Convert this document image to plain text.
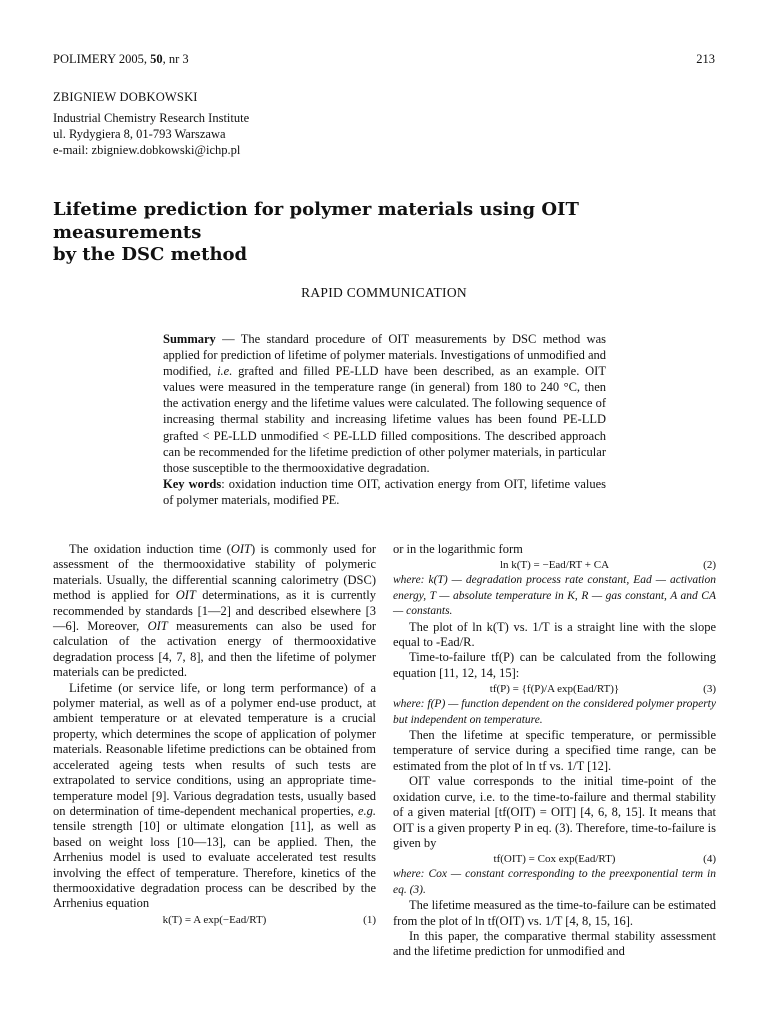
POLIMERY 2005, 50, nr 3	213
ZBIGNIEW DOBKOWSKI
Industrial Chemistry Research Institute
ul. Rydygiera 8, 01-793 Warszawa
e-mail: zbigniew.dobkowski@ichp.pl
Lifetime prediction for polymer materials using OIT measurements
by the DSC method
RAPID COMMUNICATION
Summary — The standard procedure of OIT measurements by DSC method was applied for prediction of lifetime of polymer materials. Investigations of unmodified and modified, i.e. grafted and filled PE-LLD have been described, as an example. OIT values were measured in the temperature range (in general) from 180 to 240 °C, then the activation energy and the lifetime values were calculated. The following sequence of increasing thermal stability and increasing lifetime values has been found PE-LLD grafted < PE-LLD unmodified < PE-LLD filled compositions. The described approach can be recommended for the lifetime prediction of other polymer materials, in particular those susceptible to the thermooxidative degradation.
Key words: oxidation induction time OIT, activation energy from OIT, lifetime values of polymer materials, modified PE.

The oxidation induction time (OIT) is commonly used for assessment of the thermooxidative stability of polymeric materials. Usually, the differential scanning calorimetry (DSC) method is applied for OIT determinations, as it is currently recommended by standards [1—2] and described elsewhere [3—6]. Moreover, OIT measurements can also be used for calculation of the activation energy of thermooxidative degradation process [4, 7, 8], and then the lifetime of polymer materials can be predicted.

Lifetime (or service life, or long term performance) of a polymer material, as well as of a polymer end-use product, at ambient temperature or at elevated temperature is a crucial property, which determines the scope of application of polymer materials. Reasonable lifetime predictions can be obtained from accelerated ageing tests when results of such tests are extrapolated to service conditions, using an appropriate time-temperature model [9]. Various degradation tests, usually based on determination of time-dependent mechanical properties, e.g. tensile strength [10] or ultimate elongation [11], as well as based on weight loss [10—13], can be applied. Then, the Arrhenius model is used to evaluate accelerated test results involving the effect of temperature. Therefore, kinetics of the thermooxidative degradation process can be described by the Arrhenius equation

k(T) = A exp(−Ead/RT)	(1)

or in the logarithmic form

ln k(T) = −Ead/RT + CA	(2)

where: k(T) — degradation process rate constant, Ead — activation energy, T — absolute temperature in K, R — gas constant, A and CA — constants.

The plot of ln k(T) vs. 1/T is a straight line with the slope equal to -Ead/R.

Time-to-failure tf(P) can be calculated from the following equation [11, 12, 14, 15]:

tf(P) = {f(P)/A exp(Ead/RT)}	(3)

where: f(P) — function dependent on the considered polymer property but independent on temperature.

Then the lifetime at specific temperature, or permissible temperature of service during a specified time range, can be estimated from the plot of ln tf vs. 1/T [12].

OIT value corresponds to the initial time-point of the oxidation curve, i.e. to the time-to-failure and thermal stability of a given material [tf(OIT) = OIT] [4, 6, 8, 15]. It means that OIT is a given property P in eq. (3). Therefore, time-to-failure is given by

tf(OIT) = Cox exp(Ead/RT)	(4)

where: Cox — constant corresponding to the preexponential term in eq. (3).

The lifetime measured as the time-to-failure can be estimated from the plot of ln tf(OIT) vs. 1/T [4, 8, 15, 16].

In this paper, the comparative thermal stability assessment and the lifetime prediction for unmodified and
